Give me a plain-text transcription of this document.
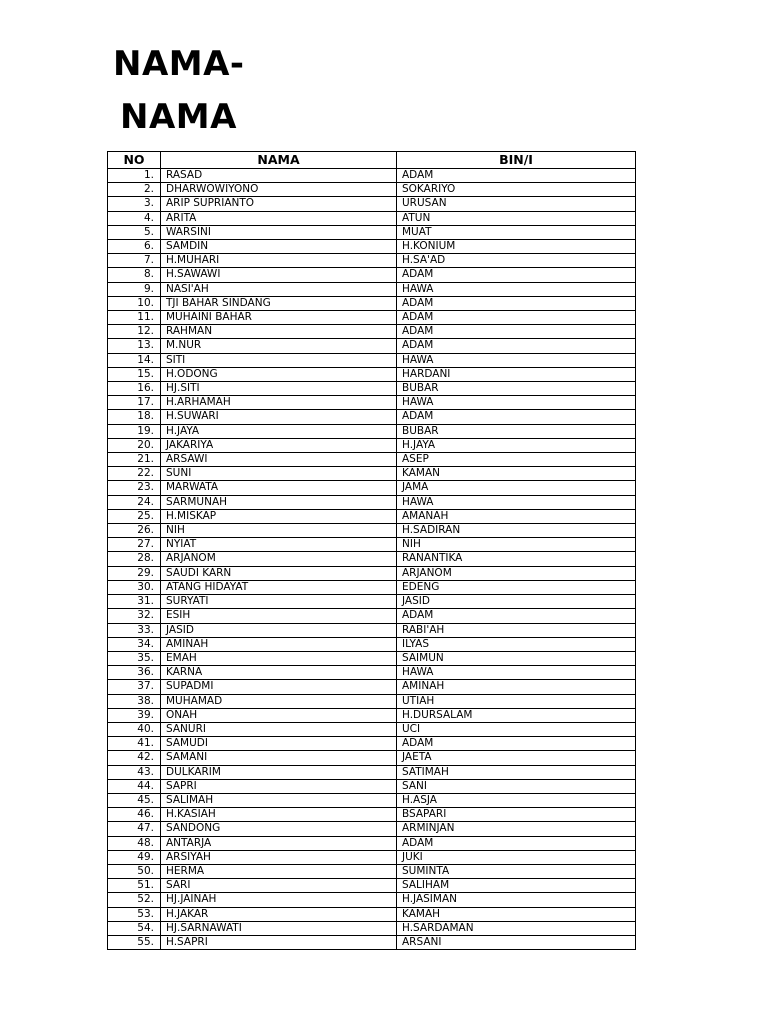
NAMA-
NAMA
NO	NAMA	BIN/I
1.	RASAD	ADAM
2.	DHARWOWIYONO	SOKARIYO
3.	ARIP SUPRIANTO	URUSAN
4.	ARITA	ATUN
5.	WARSINI	MUAT
6.	SAMDIN	H.KONIUM
7.	H.MUHARI	H.SA'AD
8.	H.SAWAWI	ADAM
9.	NASI'AH	HAWA
10.	TJI BAHAR SINDANG	ADAM
11.	MUHAINI BAHAR	ADAM
12.	RAHMAN	ADAM
13.	M.NUR	ADAM
14.	SITI	HAWA
15.	H.ODONG	HARDANI
16.	HJ.SITI	BUBAR
17.	H.ARHAMAH	HAWA
18.	H.SUWARI	ADAM
19.	H.JAYA	BUBAR
20.	JAKARIYA	H.JAYA
21.	ARSAWI	ASEP
22.	SUNI	KAMAN
23.	MARWATA	JAMA
24.	SARMUNAH	HAWA
25.	H.MISKAP	AMANAH
26.	NIH	H.SADIRAN
27.	NYIAT	NIH
28.	ARJANOM	RANANTIKA
29.	SAUDI KARN	ARJANOM
30.	ATANG HIDAYAT	EDENG
31.	SURYATI	JASID
32.	ESIH	ADAM
33.	JASID	RABI'AH
34.	AMINAH	ILYAS
35.	EMAH	SAIMUN
36.	KARNA	HAWA
37.	SUPADMI	AMINAH
38.	MUHAMAD	UTIAH
39.	ONAH	H.DURSALAM
40.	SANURI	UCI
41.	SAMUDI	ADAM
42.	SAMANI	JAETA
43.	DULKARIM	SATIMAH
44.	SAPRI	SANI
45.	SALIMAH	H.ASJA
46.	H.KASIAH	BSAPARI
47.	SANDONG	ARMINJAN
48.	ANTARJA	ADAM
49.	ARSIYAH	JUKI
50.	HERMA	SUMINTA
51.	SARI	SALIHAM
52.	HJ.JAINAH	H.JASIMAN
53.	H.JAKAR	KAMAH
54.	HJ.SARNAWATI	H.SARDAMAN
55.	H.SAPRI	ARSANI
